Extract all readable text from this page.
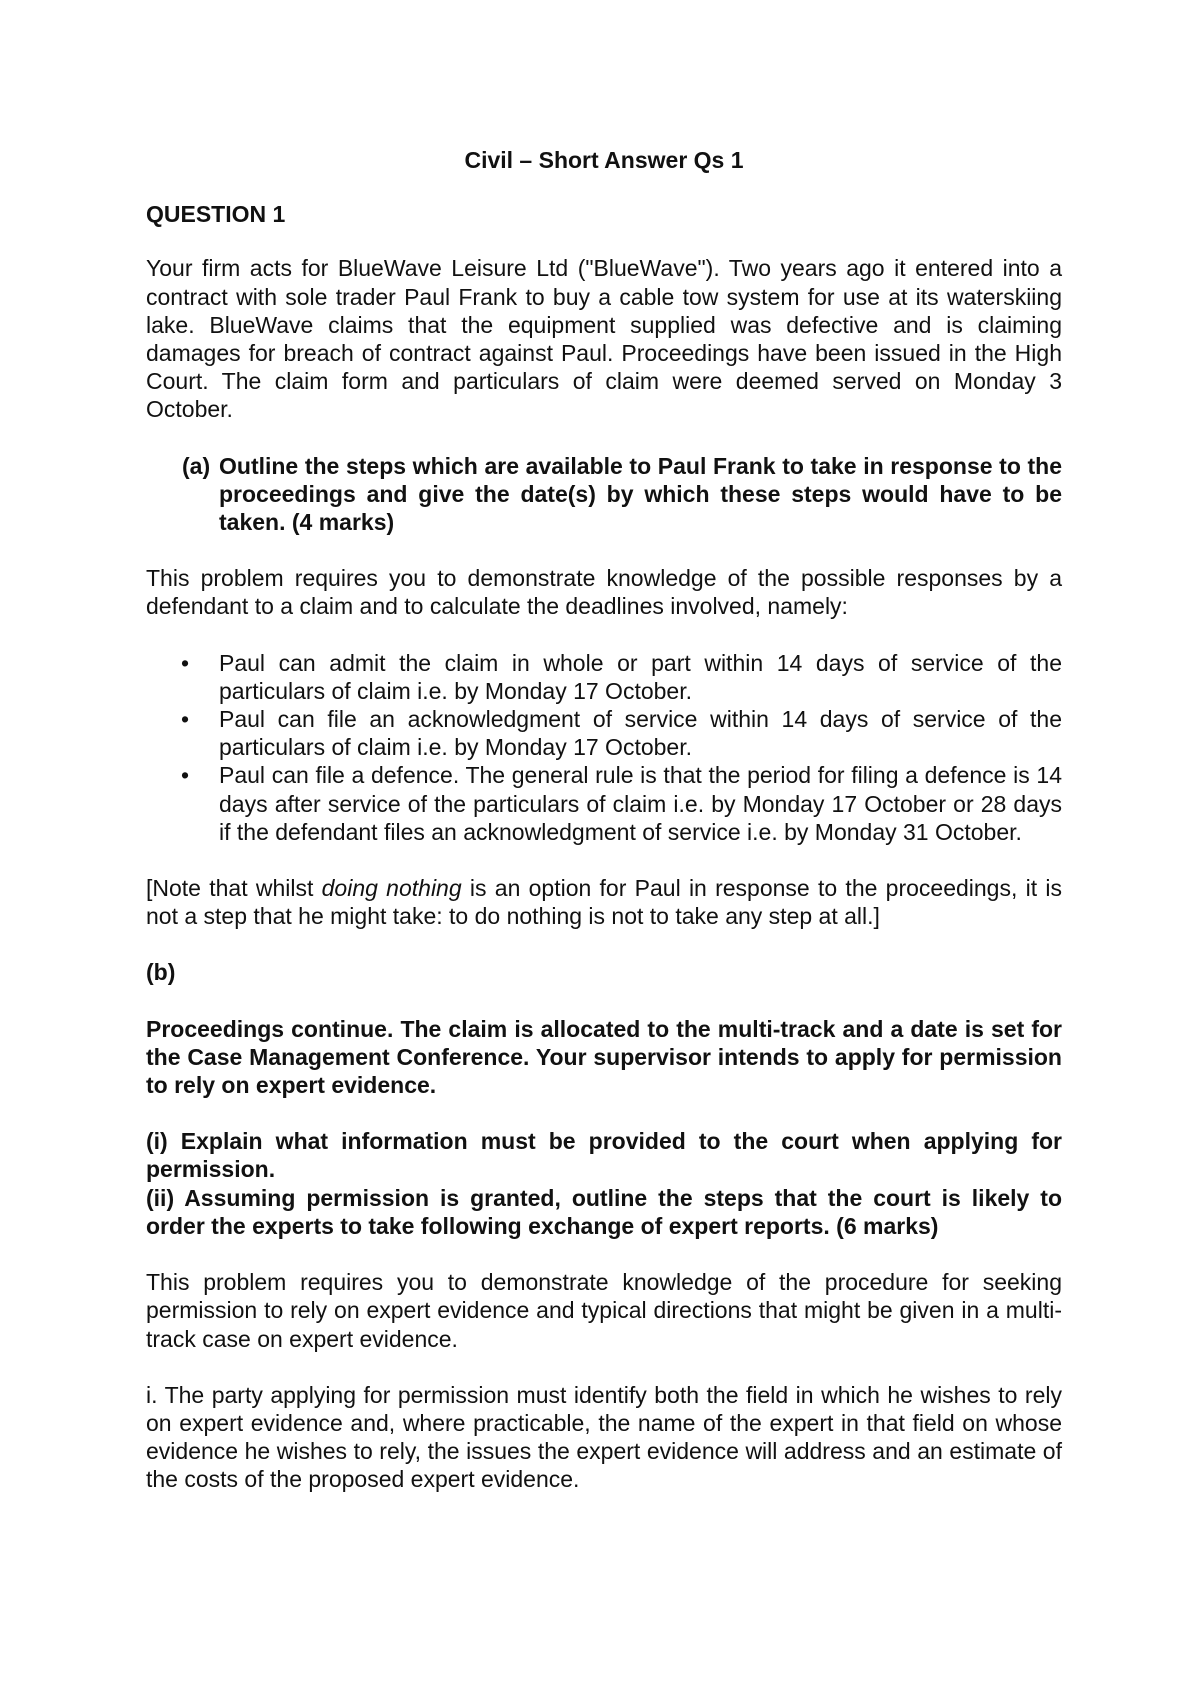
Civil – Short Answer Qs 1

QUESTION 1

Your firm acts for BlueWave Leisure Ltd ("BlueWave"). Two years ago it entered into a contract with sole trader Paul Frank to buy a cable tow system for use at its waterskiing lake. BlueWave claims that the equipment supplied was defective and is claiming damages for breach of contract against Paul. Proceedings have been issued in the High Court. The claim form and particulars of claim were deemed served on Monday 3 October.

(a) Outline the steps which are available to Paul Frank to take in response to the proceedings and give the date(s) by which these steps would have to be taken. (4 marks)

This problem requires you to demonstrate knowledge of the possible responses by a defendant to a claim and to calculate the deadlines involved, namely:

• Paul can admit the claim in whole or part within 14 days of service of the particulars of claim i.e. by Monday 17 October.
• Paul can file an acknowledgment of service within 14 days of service of the particulars of claim i.e. by Monday 17 October.
• Paul can file a defence. The general rule is that the period for filing a defence is 14 days after service of the particulars of claim i.e. by Monday 17 October or 28 days if the defendant files an acknowledgment of service i.e. by Monday 31 October.

[Note that whilst doing nothing is an option for Paul in response to the proceedings, it is not a step that he might take: to do nothing is not to take any step at all.]

(b)

Proceedings continue. The claim is allocated to the multi-track and a date is set for the Case Management Conference. Your supervisor intends to apply for permission to rely on expert evidence.

(i) Explain what information must be provided to the court when applying for permission.

(ii) Assuming permission is granted, outline the steps that the court is likely to order the experts to take following exchange of expert reports. (6 marks)

This problem requires you to demonstrate knowledge of the procedure for seeking permission to rely on expert evidence and typical directions that might be given in a multi-track case on expert evidence.

i. The party applying for permission must identify both the field in which he wishes to rely on expert evidence and, where practicable, the name of the expert in that field on whose evidence he wishes to rely, the issues the expert evidence will address and an estimate of the costs of the proposed expert evidence.
